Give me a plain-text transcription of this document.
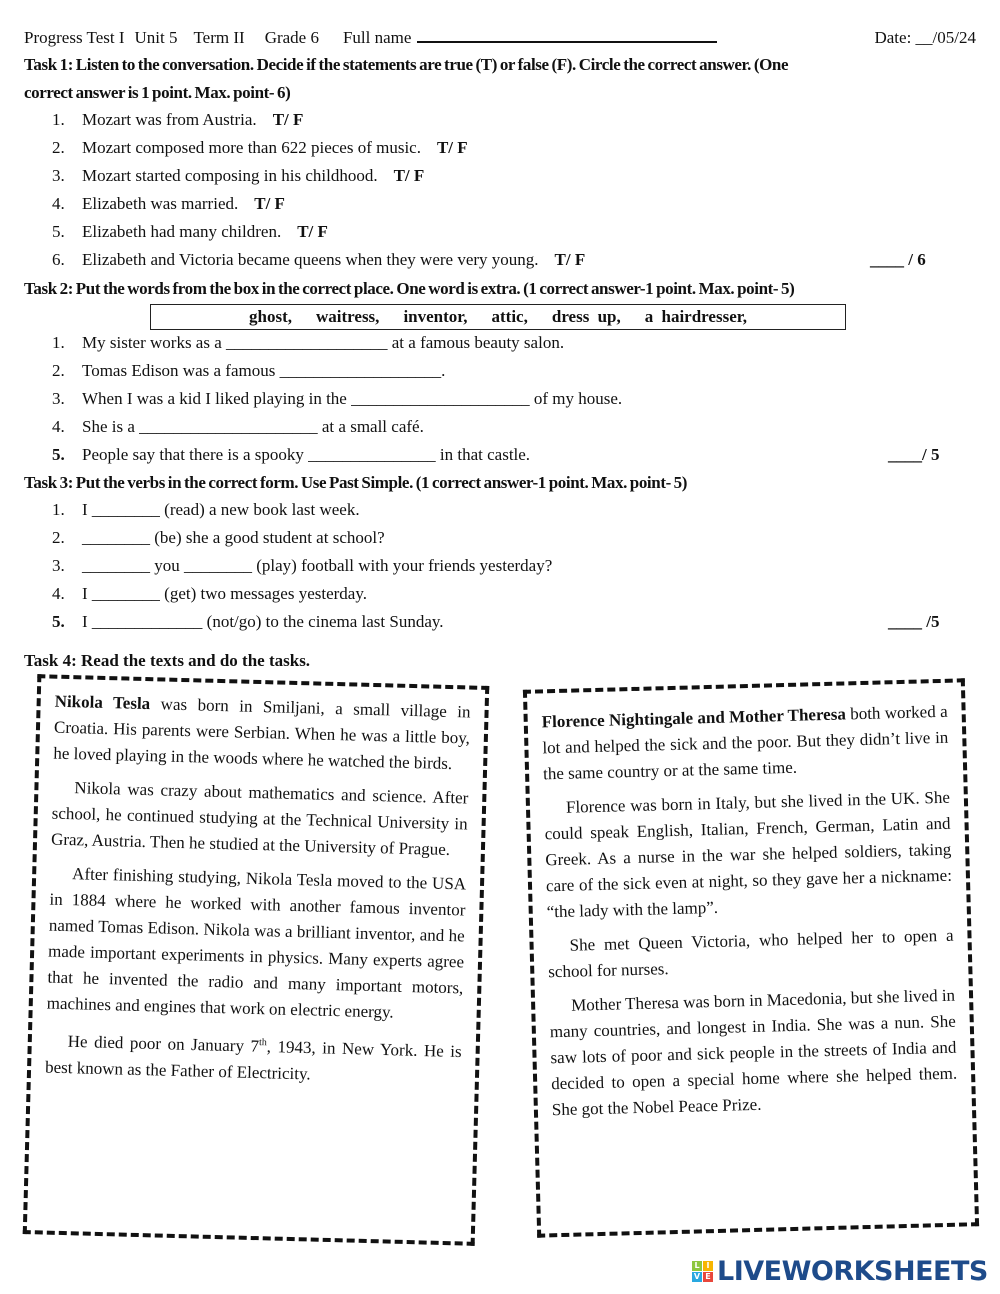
Progress Test I Unit 5 Term II Grade 6 Full name	Date: __/05/24
Task 1: Listen to the conversation. Decide if the statements are true (T) or false (F). Circle the correct answer. (One
correct answer is 1 point. Max. point- 6)
1. Mozart was from Austria. T/ F
2. Mozart composed more than 622 pieces of music. T/ F
3. Mozart started composing in his childhood. T/ F
4. Elizabeth was married. T/ F
5. Elizabeth had many children. T/ F
6. Elizabeth and Victoria became queens when they were very young. T/ F	____ / 6
Task 2: Put the words from the box in the correct place. One word is extra. (1 correct answer-1 point. Max. point- 5)
ghost, waitress, inventor, attic, dress up, a hairdresser,
1. My sister works as a ___________________ at a famous beauty salon.
2. Tomas Edison was a famous ___________________.
3. When I was a kid I liked playing in the _____________________ of my house.
4. She is a _____________________ at a small café.
5. People say that there is a spooky _______________ in that castle.	____/ 5
Task 3: Put the verbs in the correct form. Use Past Simple. (1 correct answer-1 point. Max. point- 5)
1. I ________ (read) a new book last week.
2. ________ (be) she a good student at school?
3. ________ you ________ (play) football with your friends yesterday?
4. I ________ (get) two messages yesterday.
5. I _____________ (not/go) to the cinema last Sunday.	____ /5
Task 4: Read the texts and do the tasks.

Nikola Tesla was born in Smiljani, a small village in Croatia. His parents were Serbian. When he was a little boy, he loved playing in the woods where he watched the birds.

Nikola was crazy about mathematics and science. After school, he continued studying at the Technical University in Graz, Austria. Then he studied at the University of Prague.

After finishing studying, Nikola Tesla moved to the USA in 1884 where he worked with another famous inventor named Tomas Edison. Nikola was a brilliant inventor, and he made important experiments in physics. Many experts agree that he invented the radio and many important motors, machines and engines that work on electric energy.

He died poor on January 7th, 1943, in New York. He is best known as the Father of Electricity.

Florence Nightingale and Mother Theresa both worked a lot and helped the sick and the poor. But they didn’t live in the same country or at the same time.

Florence was born in Italy, but she lived in the UK. She could speak English, Italian, French, German, Latin and Greek. As a nurse in the war she helped soldiers, taking care of the sick even at night, so they gave her a nickname: “the lady with the lamp”.

She met Queen Victoria, who helped her to open a school for nurses.

Mother Theresa was born in Macedonia, but she lived in many countries, and longest in India. She was a nun. She saw lots of poor and sick people in the streets of India and decided to open a special home where she helped them. She got the Nobel Peace Prize.

L I
V E LIVEWORKSHEETS
